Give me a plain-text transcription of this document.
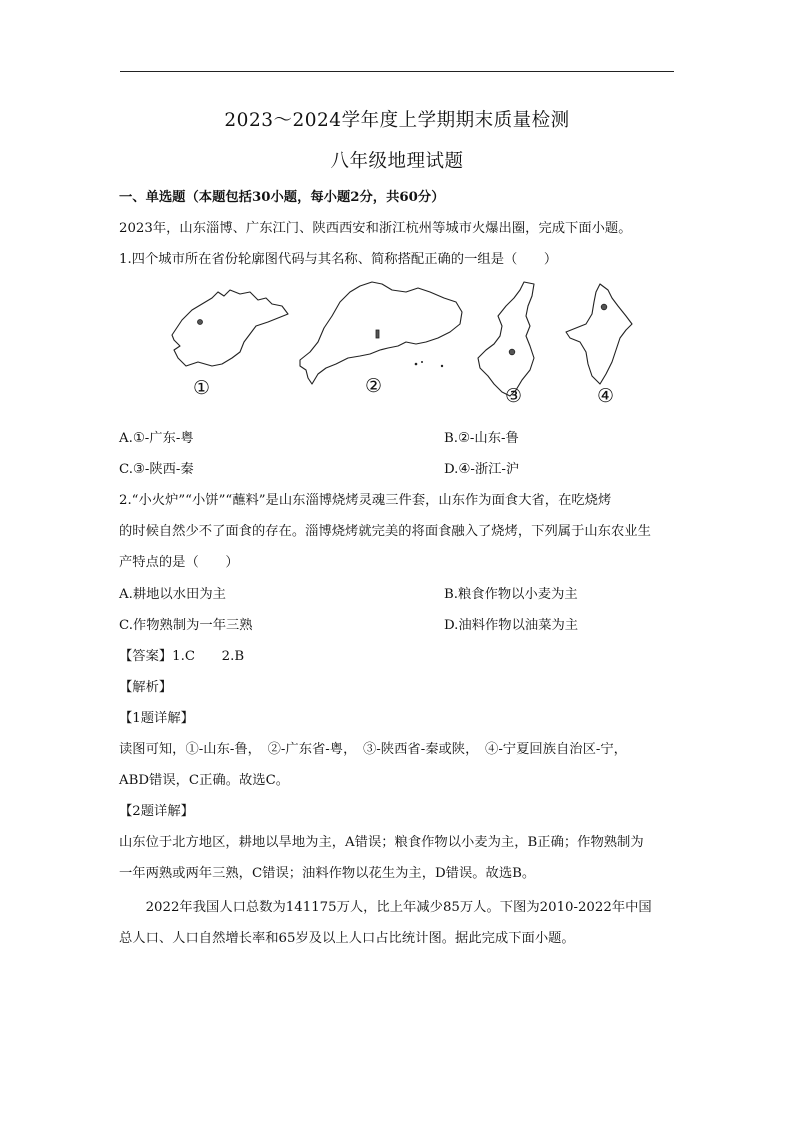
2023～2024学年度上学期期末质量检测
八年级地理试题
一、单选题（本题包括30小题，每小题2分，共60分）
2023年，山东淄博、广东江门、陕西西安和浙江杭州等城市火爆出圈，完成下面小题。
1.四个城市所在省份轮廓图代码与其名称、简称搭配正确的一组是（　　）
①	②	③	④
A.①-广东-粤	B.②-山东-鲁
C.③-陕西-秦	D.④-浙江-沪
2.“小火炉”“小饼”“蘸料”是山东淄博烧烤灵魂三件套，山东作为面食大省，在吃烧烤
的时候自然少不了面食的存在。淄博烧烤就完美的将面食融入了烧烤，下列属于山东农业生
产特点的是（　　）
A.耕地以水田为主	B.粮食作物以小麦为主
C.作物熟制为一年三熟	D.油料作物以油菜为主
【答案】1.C　　2.B
【解析】
【1题详解】
读图可知，①-山东-鲁，　②-广东省-粤，　③-陕西省-秦或陕，　④-宁夏回族自治区-宁，
ABD错误，C正确。故选C。
【2题详解】
山东位于北方地区，耕地以旱地为主，A错误；粮食作物以小麦为主，B正确；作物熟制为
一年两熟或两年三熟，C错误；油料作物以花生为主，D错误。故选B。
　　2022年我国人口总数为141175万人，比上年减少85万人。下图为2010-2022年中国
总人口、人口自然增长率和65岁及以上人口占比统计图。据此完成下面小题。
